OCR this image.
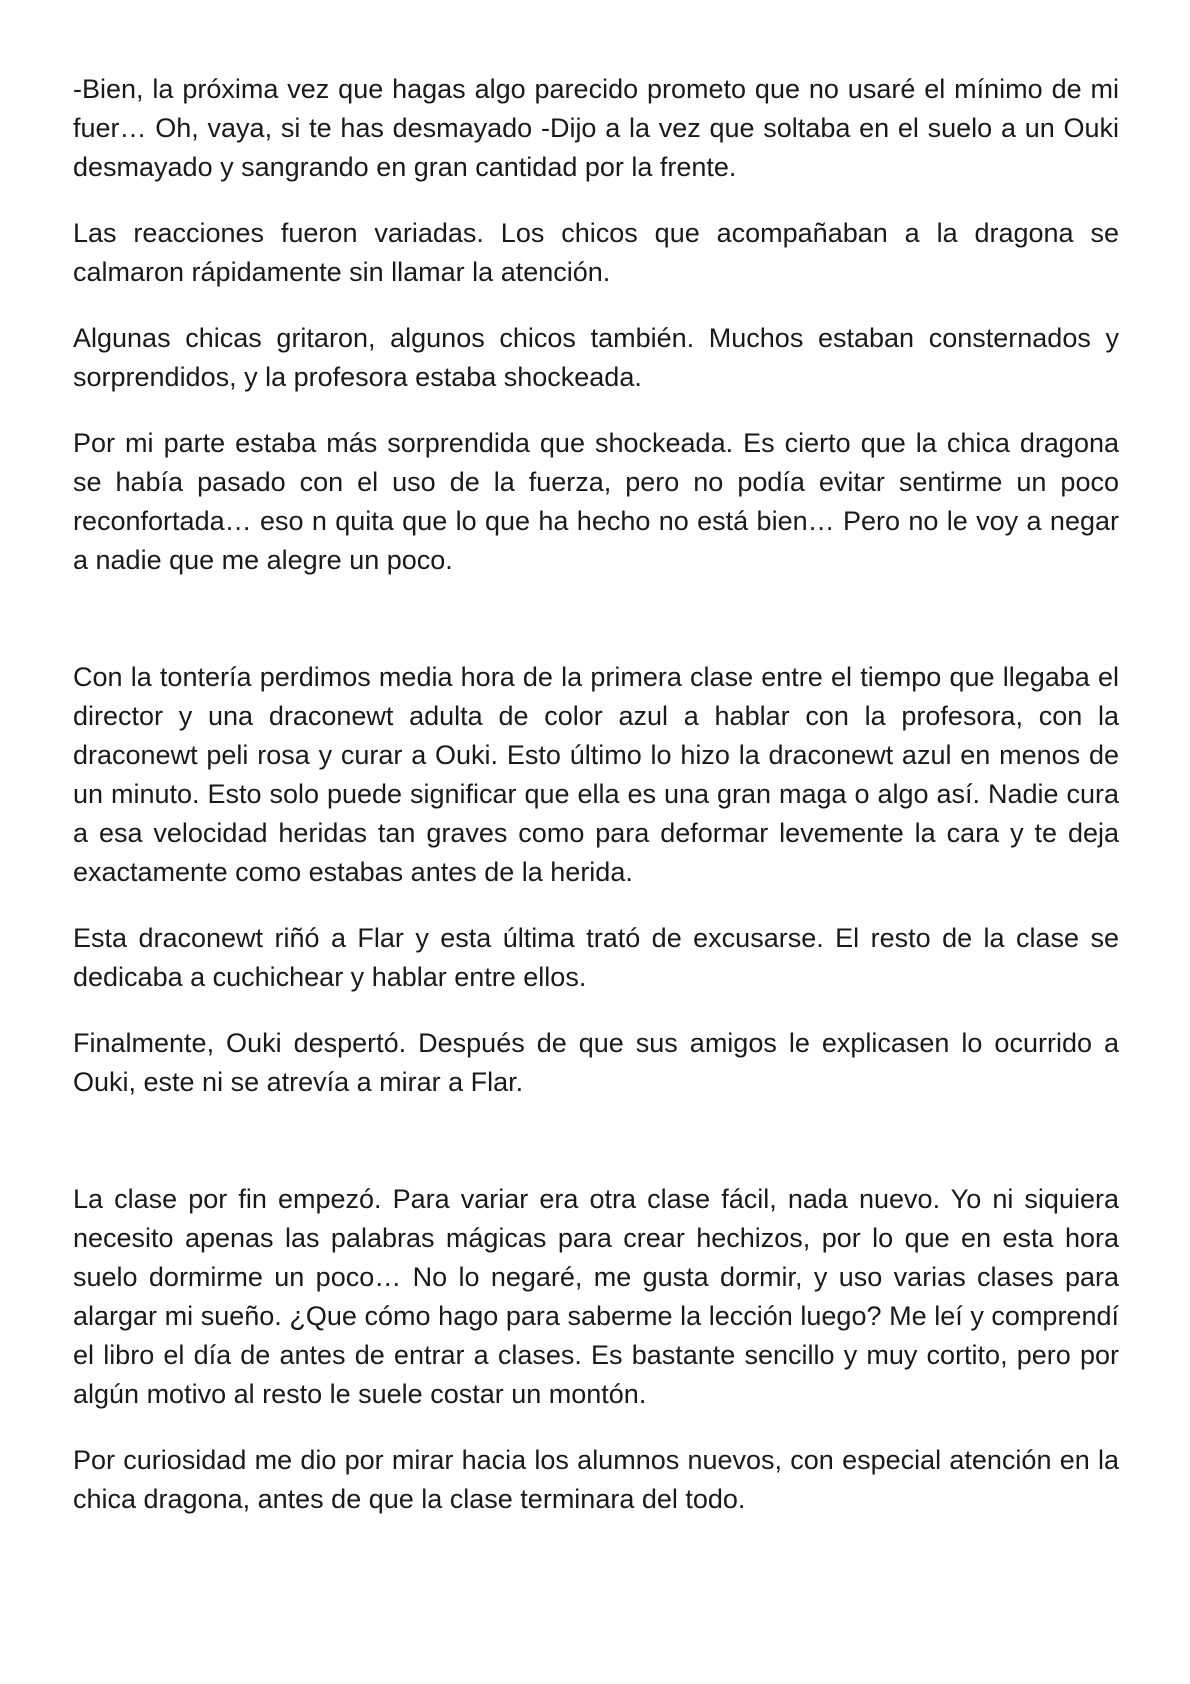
-Bien, la próxima vez que hagas algo parecido prometo que no usaré el mínimo de mi fuer… Oh, vaya, si te has desmayado -Dijo a la vez que soltaba en el suelo a un Ouki desmayado y sangrando en gran cantidad por la frente.

Las reacciones fueron variadas. Los chicos que acompañaban a la dragona se calmaron rápidamente sin llamar la atención.

Algunas chicas gritaron, algunos chicos también. Muchos estaban consternados y sorprendidos, y la profesora estaba shockeada.

Por mi parte estaba más sorprendida que shockeada. Es cierto que la chica dragona se había pasado con el uso de la fuerza, pero no podía evitar sentirme un poco reconfortada… eso n quita que lo que ha hecho no está bien… Pero no le voy a negar a nadie que me alegre un poco.

Con la tontería perdimos media hora de la primera clase entre el tiempo que llegaba el director y una draconewt adulta de color azul a hablar con la profesora, con la draconewt peli rosa y curar a Ouki. Esto último lo hizo la draconewt azul en menos de un minuto. Esto solo puede significar que ella es una gran maga o algo así. Nadie cura a esa velocidad heridas tan graves como para deformar levemente la cara y te deja exactamente como estabas antes de la herida.

Esta draconewt riñó a Flar y esta última trató de excusarse. El resto de la clase se dedicaba a cuchichear y hablar entre ellos.

Finalmente, Ouki despertó. Después de que sus amigos le explicasen lo ocurrido a Ouki, este ni se atrevía a mirar a Flar.

La clase por fin empezó. Para variar era otra clase fácil, nada nuevo. Yo ni siquiera necesito apenas las palabras mágicas para crear hechizos, por lo que en esta hora suelo dormirme un poco… No lo negaré, me gusta dormir, y uso varias clases para alargar mi sueño. ¿Que cómo hago para saberme la lección luego? Me leí y comprendí el libro el día de antes de entrar a clases. Es bastante sencillo y muy cortito, pero por algún motivo al resto le suele costar un montón.

Por curiosidad me dio por mirar hacia los alumnos nuevos, con especial atención en la chica dragona, antes de que la clase terminara del todo.
